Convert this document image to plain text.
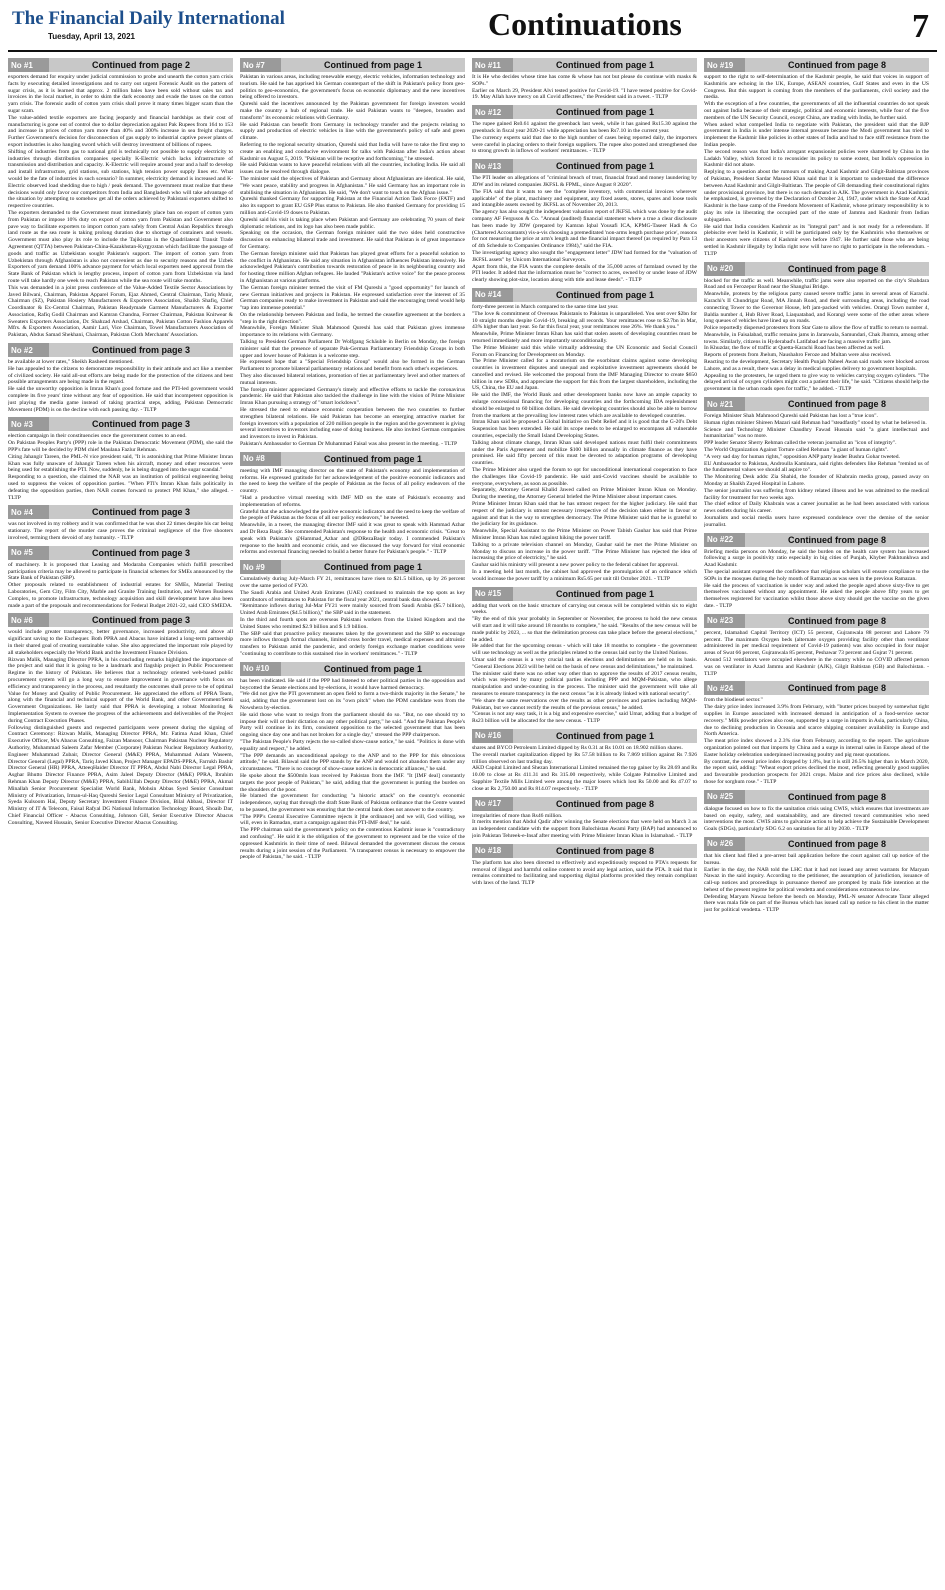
The Financial Daily International
Tuesday, April 13, 2021	Continuations	7
No #1	Continued from page 2

exporters demand for enquiry under judicial commission to probe and unearth the cotton yarn crisis facts by executing detailed investigations and to carry out urgent Forensic Audit on the pattern of sugar crisis, as it is learned that approx. 2 million bales have been sold without sales tax and invoices in the local market, in order to skim the dark economy and evade the taxes on the cotton yarn crisis. The forensic audit of cotton yarn crisis shall prove it many times bigger scam than the sugar scam.

The value-added textile exporters are facing jeopardy and financial hardships as their cost of manufacturing is gone out of control due to dollar depreciation against Pak Rupees from 164 to 153 and increase in prices of cotton yarn more than 40% and 300% increase in sea freight charges. Further Government's decision for disconnection of gas supply to industrial captive power plants of export industries is also hanging sword which will destroy investment of billions of rupees.

Shifting of industries from gas to national grid is technically not possible to supply electricity to industries through distribution companies specially K-Electric which lacks infrastructure of transmission and distribution and capacity. K-Electric will require around year and a half to develop and install infrastructure, grid stations, sub stations, high tension power supply lines etc. What would be the fate of industries in such scenario? In summer, electricity demand is increased and K-Electric observed load shedding due to high / peak demand. The government must realize that these decisions would only favor our competitors from India and Bangladesh who will take advantage of the situation by attempting to somehow get all the orders achieved by Pakistani exporters shifted to respective countries.

The exporters demanded to the Government must immediately place ban on export of cotton yarn from Pakistan or impose 10% duty on export of cotton yarn from Pakistan and Government also pave way to facilitate exporters to import cotton yarn safely from Central Asian Republics through land route as the sea route is taking prolong duration due to shortage of containers and vessels. Government must also play its role to include the Tajikistan in the Quadrilateral Transit Trade Agreement (QTTA) between Pakistan-China-Kazakhstan-Kyrgyzstan which facilitate the passage of goods and traffic as Uzbekistan sought Pakistan's support. The import of cotton yarn from Uzbekistan through Afghanistan is also not convenient as due to security reasons and the Uzbek Exporters of yarn demand 100% advance payment for which local exporters need approval from the State Bank of Pakistan which is lengthy process, import of cotton yarn from Uzbekistan via land route will take hardly one week to reach Pakistan while the sea route will take months.

This was demanded in a joint press conference of the Value-Added Textile Sector Associations by Javed Bilwani, Chairman, Pakistan Apparel Forum, Ejaz Ahmed, Central Chairman, Tariq Munir, Chairman (SZ), Pakistan Hosiery Manufacturers & Exporters Association, Shaikh Shafiq, Chief Coordinator & Ex-Central Chairman, Pakistan Readymade Garment Manufacturers & Exporter Association, Rafiq Godil Chairman and Kamran Chandna, Former Chairman, Pakistan Knitwear & Sweaters Exporters Association, Dr. Shahzad Arshad, Chairman, Pakistan Cotton Fashion Apparels Mfrs. & Exporters Association, Aamir Lari, Vice Chairman, Towel Manufacturers Association of Pakistan, Abdus Samad Shekhani, Chairman, Pakistan Cloth Merchants' Association.

No #2	Continued from page 3

be available at lower rates," Sheikh Rasheed mentioned.

He has appealed to the citizens to demonstrate responsibility in their attitude and act like a member of civilized society. He said all-out efforts are being made for the protection of the citizens and best possible arrangements are being made in the regard.

He said the unworthy opposition is Imran Khan's good fortune and the PTI-led government would complete its five years' time without any fear of opposition. He said that incompetent opposition is just playing the media game instead of taking practical steps, adding, Pakistan Democratic Movement (PDM) is on the decline with each passing day. - TLTP

No #3	Continued from page 3

election campaign in their constituencies once the government comes to an end.

On Pakistan Peoples Party's (PPP) role in the Pakistan Democratic Movement (PDM), she said the PPP's fate will be decided by PDM chief Maulana Fazlur Rehman.

Citing Jahangir Tareen, the PML-N vice president said, "It is astonishing that Prime Minister Imran Khan was fully unaware of Jahangir Tareen when his aircraft, money and other resources were being used for establishing the PTI. Now, suddenly, he is being dragged into the sugar scandal."

Responding to a question, she claimed the NAB was an institution of political engineering being used to suppress the voices of opposition parties. "When PTI's Imran Khan fails politically in defeating the opposition parties, then NAB comes forward to protect PM Khan," she alleged. - TLTP

No #4	Continued from page 3

was not involved in my robbery and it was confirmed that he was shot 22 times despite his car being stationary. The report of the murder case proves the criminal negligence of the five shooters involved, terming them devoid of any humanity. - TLTP

No #5	Continued from page 3

of machinery. It is proposed that Leasing and Modaraba Companies which fulfill prescribed participation criteria may be allowed to participate in financial schemes for SMEs announced by the State Bank of Pakistan (SBP).

Other proposals related to establishment of industrial estates for SMEs, Material Testing Laboratories, Gem City, Film City, Marble and Granite Training Institution, and Women Business Complex, to promote infrastructure, technology acquisition and skill development have also been made a part of the proposals and recommendations for Federal Budget 2021-22, said CEO SMEDA.

No #6	Continued from page 3

would include greater transparency, better governance, increased productivity, and above all significant saving to the Exchequer. Both PPRA and Abacus have initiated a long-term partnership in their shared goal of creating sustainable value. She also appreciated the important role played by all stakeholders especially the World Bank and the Investment Finance Division.

Rizwan Malik, Managing Director PPRA, in his concluding remarks highlighted the importance of the project and said that it is going to be a landmark and flagship project in Public Procurement Regime in the history of Pakistan. He believes that a technology oriented web-based public procurement system will go a long way to ensure improvement in governance with focus on efficiency and transparency in the process, and resultantly the outcomes shall prove to be of optimal Value for Money and Quality of Public Procurement. He appreciated the efforts of PPRA Team, along with the financial and technical support of the World Bank, and other Government/Semi Government Organizations. He lastly said that PPRA is developing a robust Monitoring & Implementation System to oversee the progress of the achievements and deliverables of the Project during Contract Execution Phases.

Following distinguished guests and respected participants were present during the signing of Contract Ceremony: Rizwan Malik, Managing Director PPRA, Mr. Fatima Azad Khan, Chief Executive Officer, M/s Abacus Consulting, Faizan Mansoor, Chairman Pakistan Nuclear Regulatory Authority, Muhammad Saleem Zafar Member (Corporate) Pakistan Nuclear Regulatory Authority, Engineer Muhammad Zubair, Director General (M&E) PPRA, Muhammad Aslam Waseem, Director General (Legal) PPRA, Tariq Javed Khan, Project Manager EPADS-PPRA, Farrukh Bashir Director General (HR) PPRA, AtteeqHaider Director IT PPRA, Abdul Nabi Director Legal PPRA, Asghar Bhutto Director Finance PPRA, Asim Jaleel Deputy Director (M&E) PPRA, Ibrahim Rehman Khan Deputy Director (M&E) PPRA, SabihUllah Deputy Director (M&E) PPRA, Akmal Minallah Senior Procurement Specialist World Bank, Mohsin Abbas Syed Senior Consultant Ministry of Privatization, Irman-ul-Haq Qureshi Senior Legal Consultant Ministry of Privatization, Syeda Kulsoom Hai, Deputy Secretary Investment Finance Division, Bilal Abbasi, Director IT Ministry of IT & Telecom, Faisal Rafyal DG National Information Technology Board, Shoaib Dar, Chief Financial Officer - Abacus Consulting, Johnson Gill, Senior Executive Director Abacus Consulting, Naveed Hussain, Senior Executive Director Abacus Consulting.

No #7	Continued from page 1

Pakistan in various areas, including renewable energy, electric vehicles, information technology and tourism. He said he has apprised his German counterpart of the shift in Pakistan's policy from geo-politics to geo-economics, the government's focus on economic diplomacy and the new incentives being offered to investors.

Qureshi said the incentives announced by the Pakistan government for foreign investors would make the country a hub of regional trade. He said Pakistan wants to "deepen, broaden and transform" its economic relations with Germany.

He said Pakistan can benefit from Germany in technology transfer and the projects relating to supply and production of electric vehicles in line with the government's policy of safe and green climate.

Referring to the regional security situation, Qureshi said that India will have to take the first step to create an enabling and conducive environment for talks with Pakistan after India's action about Kashmir on August 5, 2019. "Pakistan will be receptive and forthcoming," he stressed.

He said Pakistan wants to have peaceful relations with all the countries, including India. He said all issues can be resolved through dialogue.

The minister said the objectives of Pakistan and Germany about Afghanistan are identical. He said, "We want peace, stability and progress in Afghanistan." He said Germany has an important role in stabilising the situation in Afghanistan. He said, "We don't want to touch on the Afghan issue."

Qureshi thanked Germany for supporting Pakistan at the Financial Action Task Force (FATF) and also its support to grant EU GSP Plus status to Pakistan. He also thanked Germany for providing 15 million anti-Covid-19 doses to Pakistan.

Qureshi said his visit is taking place when Pakistan and Germany are celebrating 70 years of their diplomatic relations, and its logo has also been made public.

Speaking on the occasion, the German foreign minister said the two sides held constructive discussion on enhancing bilateral trade and investment. He said that Pakistan is of great importance for Germany.

The German foreign minister said that Pakistan has played great efforts for a peaceful solution to the conflict in Afghanistan. He said any situation in Afghanistan influences Pakistan intensively. He acknowledged Pakistan's contribution towards restoration of peace in its neighbouring country and for hosting three million Afghan refugees. He lauded "Pakistan's active voice" for the peace process in Afghanistan at various platforms.

The German foreign minister termed the visit of FM Qureshi a "good opportunity" for launch of new German initiatives and projects in Pakistan. He expressed satisfaction over the interest of 35 German companies ready to make investment in Pakistan and said the encouraging trend would help "tap into immense potential."

On the relationship between Pakistan and India, he termed the ceasefire agreement at the borders a "step in the right direction".

Meanwhile, Foreign Minister Shah Mahmood Qureshi has said that Pakistan gives immense importance to its relations with Germany.

Talking to President German Parliament Dr Wolfgang Schäuble in Berlin on Monday, the foreign minister said that the presence of separate Pak-German Parliamentary Friendship Groups in both upper and lower house of Pakistan is a welcome step.

He expressed hope that a "Special Friendship Group" would also be formed in the German Parliament to promote bilateral parliamentary relations and benefit from each other's experiences.

They also discussed bilateral relations, promotion of ties at parliamentary level and other matters of mutual interests.

The foreign minister appreciated Germany's timely and effective efforts to tackle the coronavirus pandemic. He said that Pakistan also tackled the challenge in line with the vision of Prime Minister Imran Khan pursuing a strategy of "smart lockdown".

He stressed the need to enhance economic cooperation between the two countries to further strengthen bilateral relations. He said Pakistan has become an emerging attractive market for foreign investors with a population of 220 million people in the region and the government is giving several incentives to investors including ease of doing business. He also invited German companies and investors to invest in Pakistan.

Pakistan's Ambassador to German Dr Muhammad Faisal was also present in the meeting. - TLTP

No #8	Continued from page 1

meeting with IMF managing director on the state of Pakistan's economy and implementation of reforms. He expressed gratitude for her acknowledgement of the positive economic indicators and the need to keep the welfare of the people of Pakistan as the focus of all policy endeavors of the country.

"Had a productive virtual meeting with IMF MD on the state of Pakistan's economy and implementation of reforms.

Grateful that she acknowledged the positive economic indicators and the need to keep the welfare of the people of Pakistan as the focus of all our policy endeavors," he tweeted.

Meanwhile, in a tweet, the managing director IMF said it was great to speak with Hammad Azhar and Dr Reza Baqir. She commended Pakistan's response to the health and economic crisis. "Great to speak with Pakistan's @Hammad_Azhar and @DRezaBaqir today. I commended Pakistan's response to the health and economic crisis, and we discussed the way forward for vital economic reforms and external financing needed to build a better future for Pakistan's people." - TLTP

No #9	Continued from page 1

Cumulatively during July-March FY 21, remittances have risen to $21.5 billion, up by 26 percent over the same period of FY20.

The Saudi Arabia and United Arab Emirates (UAE) continued to maintain the top spots as key contributors of remittances to Pakistan for the fiscal year 2021, central bank data showed.

"Remittance inflows during Jul-Mar FY21 were mainly sourced from Saudi Arabia ($5.7 billion), United Arab Emirates ($4.5 billion)," the SBP said in the statement.

In the third and fourth spots are overseas Pakistani workers from the United Kingdom and the United States who remitted $2.9 billion and $ 1.9 billion.

The SBP said that proactive policy measures taken by the government and the SBP to encourage more inflows through formal channels, limited cross border travel, medical expenses and altruistic transfers to Pakistan amid the pandemic, and orderly foreign exchange market conditions were "continuing to contribute to this sustained rise in workers' remittances." - TLTP

No #10	Continued from page 1

has been vindicated. He said if the PPP had listened to other political parties in the opposition and boycotted the Senate elections and by-elections, it would have harmed democracy.

"We did not give the PTI government an open field to form a two-thirds majority in the Senate," he said, adding that the government lost on its "own pitch" when the PDM candidate won from the Nowshera by-election.

He said those who want to resign from the parliament should do so. "But, no one should try to impose their will or their dictation on any other political party," he said. "And the Pakistan People's Party will continue in its firm, consistent opposition to the selected government that has been ongoing since day one and has not broken for a single day," stressed the PPP chairperson.

"The Pakistan People's Party rejects the so-called show-cause notice," he said. "Politics is done with equality and respect," he added.

"The PPP demands an unconditional apology to the ANP and to the PPP for this obnoxious attitude," he said. Bilawal said the PPP stands by the ANP and would not abandon them under any circumstances. "There is no concept of show-cause notices in democratic alliances," he said.

He spoke about the $500mln loan received by Pakistan from the IMF. "It [IMF deal] constantly targets the poor people of Pakistan," he said, adding that the government is putting the burden on the shoulders of the poor.

He blamed the government for conducting "a historic attack" on the country's economic independence, saying that through the draft State Bank of Pakistan ordinance that the Centre wanted to be passed, the government was ensuring that the central bank does not answer to the country.

"The PPP's Central Executive Committee rejects it [the ordinance] and we will, God willing, we will, even in Ramadan, start a campaign against this PTI-IMF deal," he said.

The PPP chairman said the government's policy on the contentious Kashmir issue is "contradictory and confusing". He said it is the obligation of the government to represent and be the voice of the oppressed Kashmiris in their time of need. Bilawal demanded the government discuss the census results during a joint session of the Parliament. "A transparent census is necessary to empower the people of Pakistan," he said. - TLTP

No #11	Continued from page 1

It is He who decides whose time has come & whose has not but please do continue with masks & SOPs."

Earlier on March 29, President Alvi tested positive for Covid-19. "I have tested positive for Covid-19. May Allah have mercy on all Covid affectees," the President said in a tweet. - TLTP

No #12	Continued from page 1

The rupee gained Rs0.61 against the greenback last week, while it has gained Rs15.30 against the greenback in fiscal year 2020-21 while appreciation has been Rs7.10 in the current year.

The currency experts said that due to the high number of cases being reported daily, the importers were careful in placing orders to their foreign suppliers. The rupee also posted and strengthened due to strong growth in inflows of workers' remittances. - TLTP

No #13	Continued from page 1

The PTI leader on allegations of "criminal breach of trust, financial fraud and money laundering by JDW and its related companies JKFSL & FPML, since August 8 2020".

The FIA said that it wants to see the "complete inventory, with commercial invoices wherever applicable" of the plant, machinery and equipment, any fixed assets, stores, spares and loose tools and intangible assets owned by JKFSL as of November 20, 2013.

The agency has also sought the independent valuation report of JKFSL which was done by the audit company AF Ferguson & Co. "Annual (audited) financial statement where a true a clear disclosure has been made by JDW (prepared by Kamran Iqbal Yousafi ICA, KPMG-Taseer Hadi & Co (Chartered Accountants) vis-a-vis choosing a premeditated 'non-arms length purchase price', reasons for not measuring the price at arm's length and the financial impact thereof (as required by Para 13 of 4th Schedule to Companies Ordinance 1984)," said the FIA.

The investigating agency also sought the "engagement letter" JDW had formed for the "valuation of JKFSL assets" by Unicom International Surveyors.

Apart from this, the FIA wants the complete details of the 35,000 acres of farmland owned by the PTI leader. It added that the information must be "correct to acres, owned by or under lease of JDW clearly showing plot-size, location along with title and lease deeds". - TLTP

No #14	Continued from page 1

forty-three percent in March compared to the same time last year.

"The love & commitment of Overseas Pakistanis to Pakistan is unparalleled. You sent over $2bn for 10 straight months despite Covid-19, breaking all records. Your remittances rose to $2.7bn in Mar, 43% higher than last year. So far this fiscal year, your remittances rose 26%. We thank you."

Meanwhile, Prime Minister Imran Khan has said that stolen assets of developing countries must be returned immediately and more importantly unconditionally.

The Prime Minister said this while virtually addressing the UN Economic and Social Council Forum on Financing for Development on Monday.

The Prime Minister called for a moratorium on the exorbitant claims against some developing countries in investment disputes and unequal and exploitative investment agreements should be cancelled and revised. He welcomed the proposal from the IMF Managing Director to create $650 billion in new SDRs, and appreciate the support for this from the largest shareholders, including the US, China, the EU and Japan.

He said the IMF, the World Bank and other development banks now have an ample capacity to enlarge concessional financing for developing countries and the forthcoming IDA replenishment should be enlarged to 60 billion dollars. He said developing countries should also be able to borrow from the markets at the prevailing low interest rates which are available to developed countries.

Imran Khan said he proposed a Global Initiative on Debt Relief and it is good that the G-20's Debt Suspension has been extended. He said its scope needs to be enlarged to encompass all vulnerable countries, especially the Small Island Developing States.

Talking about climate change, Imran Khan said developed nations must fulfil their commitments under the Paris Agreement and mobilize $100 billion annually in climate finance as they have promised. He said fifty percent of this must be devoted to adaptation programs of developing countries.

The Prime Minister also urged the forum to opt for unconditional international cooperation to face the challenges like Covid-19 pandemic. He said anti-Covid vaccines should be available to everyone, everywhere, as soon as possible.

Separately, Attorney General Khalid Jawed called on Prime Minister Imran Khan on Monday. During the meeting, the Attorney General briefed the Prime Minister about important cases.

Prime Minister Imran Khan said that he has utmost respect for the higher judiciary. He said that respect of the judiciary is utmost necessary irrespective of the decision taken either in favour or against and that is the way to strengthen democracy. The Prime Minister said that he is grateful to the judiciary for its guidance.

Meanwhile, Special Assistant to the Prime Minister on Power Tabish Gauhar has said that Prime Minister Imran Khan has ruled against hiking the power tariff.

Talking to a private television channel on Monday, Gauhar said he met the Prime Minister on Monday to discuss an increase in the power tariff. "The Prime Minister has rejected the idea of increasing the price of electricity," he said.

Gauhar said his ministry will present a new power policy to the federal cabinet for approval.

In a meeting held last month, the cabinet had approved the promulgation of an ordinance which would increase the power tariff by a minimum Rs5.65 per unit till October 2021. - TLTP

No #15	Continued from page 1

adding that work on the basic structure of carrying out census will be completed within six to eight weeks.

"By the end of this year probably in September or November, the process to hold the new census will start and it will take around 18 months to complete," he said. "Results of the new census will be made public by 2023, ... so that the delimitation process can take place before the general elections," he added.

He added that for the upcoming census - which will take 18 months to complete - the government will use technology as well as the principles related to the census laid out by the United Nations.

Umar said the census is a very crucial task as elections and delimitations are held on its basis. "General Elections 2023 will be held on the basis of new census and delimitations," he maintained.

The minister said there was no other way other than to approve the results of 2017 census results, which was rejected by many political parties including PPP and MQM-Pakistan, who allege manipulation and under-counting in the process. The minister said the government will take all measures to ensure transparency in the next census "as it is already linked with national security".

"We share the same reservations over the results as other provinces and parties including MQM-Pakistan, but we cannot rectify the results of the previous census," he added.

"Census is not any easy task, it is a big and expensive exercise," said Umar, adding that a budget of Rs23 billion will be allocated for the new census. - TLTP

No #16	Continued from page 1

shares and BYCO Petroleum Limited dipped by Rs 0.31 at Rs 10.01 on 18.902 million shares.

The overall market capitalization dipped by Rs 57.58 billion to Rs 7.869 trillion against Rs 7.926 trillion observed on last trading day.

AKD Capital Limited and Shezan International Limited remained the top gainer by Rs 28.69 and Rs 10.00 to close at Rs 411.31 and Rs 315.00 respectively, while Colgate Palmolive Limited and Sapphire Textile Mills Limited were among the major losers which lost Rs 50.00 and Rs 47.07 to close at Rs 2,750.00 and Rs 814.07 respectively. - TLTP

No #17	Continued from page 8

irregularities of more than Rs46 million.

It merits mention that Abdul Qadir after winning the Senate elections that were held on March 3 as an independent candidate with the support from Balochistan Awami Party (BAP) had announced to join Pakistan Tehreek-e-Insaf after meeting with Prime Minister Imran Khan in Islamabad. - TLTP

No #18	Continued from page 8

The platform has also been directed to effectively and expeditiously respond to PTA's requests for removal of illegal and harmful online content to avoid any legal action, said the PTA. It said that it remains committed to facilitating and supporting digital platforms provided they remain compliant with laws of the land. TLTP

No #19	Continued from page 8

support to the right to self-determination of the Kashmir people, he said that voices in support of Kashmiris are echoing in the UK, Europe, ASEAN countries, Gulf States and even in the US Congress. But this support is coming from the members of the parliaments, civil society and the media.

With the exception of a few countries, the governments of all the influential countries do not speak out against India because of their strategic, political and economic interests, while four of the five members of the UN Security Council, except China, are trading with India, he further said.

When asked what compelled India to negotiate with Pakistan, the president said that the BJP government in India is under intense internal pressure because the Modi government has tried to implement the Kashmir like policies in other states of India and had to face stiff resistance from the Indian people.

The second reason was that India's arrogant expansionist policies were shattered by China in the Ladakh Valley, which forced it to reconsider its policy to some extent, but India's oppression in Kashmir did not abate.

Replying to a question about the rumours of making Azad Kashmir and Gilgit-Baltistan provinces of Pakistan, President Sardar Masood Khan said that it is important to understand the difference between Azad Kashmir and Gilgit-Baltistan. The people of GB demanding their constitutional rights under provisional province, but there is no such demand in AJK. The government in Azad Kashmir, he emphasized, is governed by the Declaration of October 24, 1947, under which the State of Azad Kashmir is the base camp of the Freedom Movement of Kashmir, whose primary responsibility is to play its role in liberating the occupied part of the state of Jammu and Kashmir from Indian subjugation.

He said that India considers Kashmir as its "integral part" and is not ready for a referendum. If plebiscite ever held in Kashmir, it will be participated only by the Kashmiris who themselves or their ancestors were citizens of Kashmir even before 1947. He further said those who are being settled in Kashmir illegally by India right now will have no right to participate in the referendum. - TLTP

No #20	Continued from page 8

blocked for the traffic as well. Meanwhile, traffic jams were also reported on the city's Shahdara Road and on Ferozepur Road near the Shanghai Bridge.

Meanwhile, protests by the religious party caused severe traffic jams in several areas of Karachi. Karachi's II Chundrigar Road, MA Jinnah Road, and their surrounding areas, including the road connecting Tower to the Governor House, left jam-packed with vehicles. Orangi Town number 4, Baldia number 4, Hub River Road, Liaquatabad, and Korangi were some of the other areas where long queues of vehicles have lined up on roads.

Police reportedly dispersed protesters from Star Gate to allow the flow of traffic to return to normal.

Meanwhile, in Faisalabad, traffic remains jams in Jaranwala, Samundari, Chak Jhumra, among other towns. Similarly, citizens in Hyderabad's Latifabad are facing a massive traffic jam.

In Khuzdar, the flow of traffic at Quetta-Karachi Road has been affected as well.

Reports of protests from Jhelum, Naushahro Feroze and Multan were also received.

Reacting to the development, Secretary Health Punjab Nabeel Awan said roads were blocked across Lahore, and as a result, there was a delay in medical supplies delivery to government hospitals.

Appealing to the protesters, he urged them to give way to vehicles carrying oxygen cylinders. "The delayed arrival of oxygen cylinders might cost a patient their life," he said. "Citizens should help the government in the urban roads open for traffic," he added. - TLTP

No #21	Continued from page 8

Foreign Minister Shah Mahmood Qureshi said Pakistan has lost a "true icon".

Human rights minister Shireen Mazari said Rehman had "steadfastly" stood by what he believed in.

Science and Technology Minister Chaudhry Fawad Hussain said "a giant intellectual and humanitarian" was no more.

PPP leader Senator Sherry Rehman called the veteran journalist an "icon of integrity".

The World Organization Against Torture called Rehman "a giant of human rights".

"A very sad day for human rights," opposition ANP party leader Bushra Gohar tweeted.

EU Ambassador to Pakistan, Androulla Kaminara, said rights defenders like Rehman "remind us of the fundamental values we should all aspire to".

The Monitoring Desk adds: Zia Shahid, the founder of Khabrain media group, passed away on Monday at Shaikh Zayed Hospital in Lahore.

The senior journalist was suffering from kidney related illness and he was admitted to the medical facility for treatment for two weeks ago.

The chief editor of Daily Khabrain was a career journalist as he had been associated with various news outlets during his career.

Journalists and social media users have expressed condolence over the demise of the senior journalist.

No #22	Continued from page 8

Briefing media persons on Monday, he said the burden on the health care system has increased following a surge in positivity ratio especially in big cities of Punjab, Khyber Pakhtunkhwa and Azad Kashmir.

The special assistant expressed the confidence that religious scholars will ensure compliance to the SOPs in the mosques during the holy month of Ramazan as was seen in the previous Ramazan.

He said the process of vaccination is under way and asked the people aged above sixty-five to get themselves vaccinated without any appointment. He asked the people above fifty years to get themselves registered for vaccination whilst those above sixty should get the vaccine on the given date. - TLTP

No #23	Continued from page 8

percent, Islamabad Capital Territory (ICT) 55 percent, Gujranwala 88 percent and Lahore 79 percent. The maximum Oxygen beds (alternate oxygen providing facility other than ventilator administered in per medical requirement of Covid-19 patients) was also occupied in four major areas of Swat 66 percent, Gujranwala 85 percent, Peshawar 73 percent and Gujrat 71 percent.

Around 512 ventilators were occupied elsewhere in the country while no COVID affected person was on ventilator in Azad Jammu and Kashmir (AJK), Gilgit Baltistan (GB) and Balochistan. - TLTP

No #24	Continued from page 8

from the biodiesel sector."

The dairy price index increased 3.9% from February, with "butter prices buoyed by somewhat tight supplies in Europe associated with increased demand in anticipation of a food-service sector recovery." Milk powder prices also rose, supported by a surge in imports in Asia, particularly China, due to declining production in Oceania and scarce shipping container availability in Europe and North America.

The meat price index showed a 2.3% rise from February, according to the report. The agriculture organization pointed out that imports by China and a surge in internal sales in Europe ahead of the Easter holiday celebration underpinned increasing poultry and pig meat quotations.

By contrast, the cereal price index dropped by 1.8%, but it is still 26.5% higher than in March 2020, the report said, adding: "Wheat export prices declined the most, reflecting generally good supplies and favourable production prospects for 2021 crops. Maize and rice prices also declined, while those for sorghum rose." - TLTP

No #25	Continued from page 8

dialogue focused on how to fix the sanitation crisis using CWIS, which ensures that investments are based on equity, safety, and sustainability, and are directed toward communities who need interventions the most. CWIS aims to galvanize action to help achieve the Sustainable Development Goals (SDGs), particularly SDG 6.2 on sanitation for all by 2030. - TLTP

No #26	Continued from page 8

that his client had filed a pre-arrest bail application before the court against call up notice of the bureau.

Earlier in the day, the NAB told the LHC that it had not issued any arrest warrants for Maryam Nawaz in the said inquiry. According to the petitioner, the assumption of jurisdiction, issuance of call-up notices and proceedings in pursuance thereof are prompted by mala fide intention at the behest of the present regime for political vendetta and considerations extraneous to law.

Defending Maryam Nawaz before the bench on Monday, PML-N senator Advocate Tarar alleged there was mala fide on part of the Bureau which has issued call up notice to his client in the matter just for political vendetta. - TLTP
